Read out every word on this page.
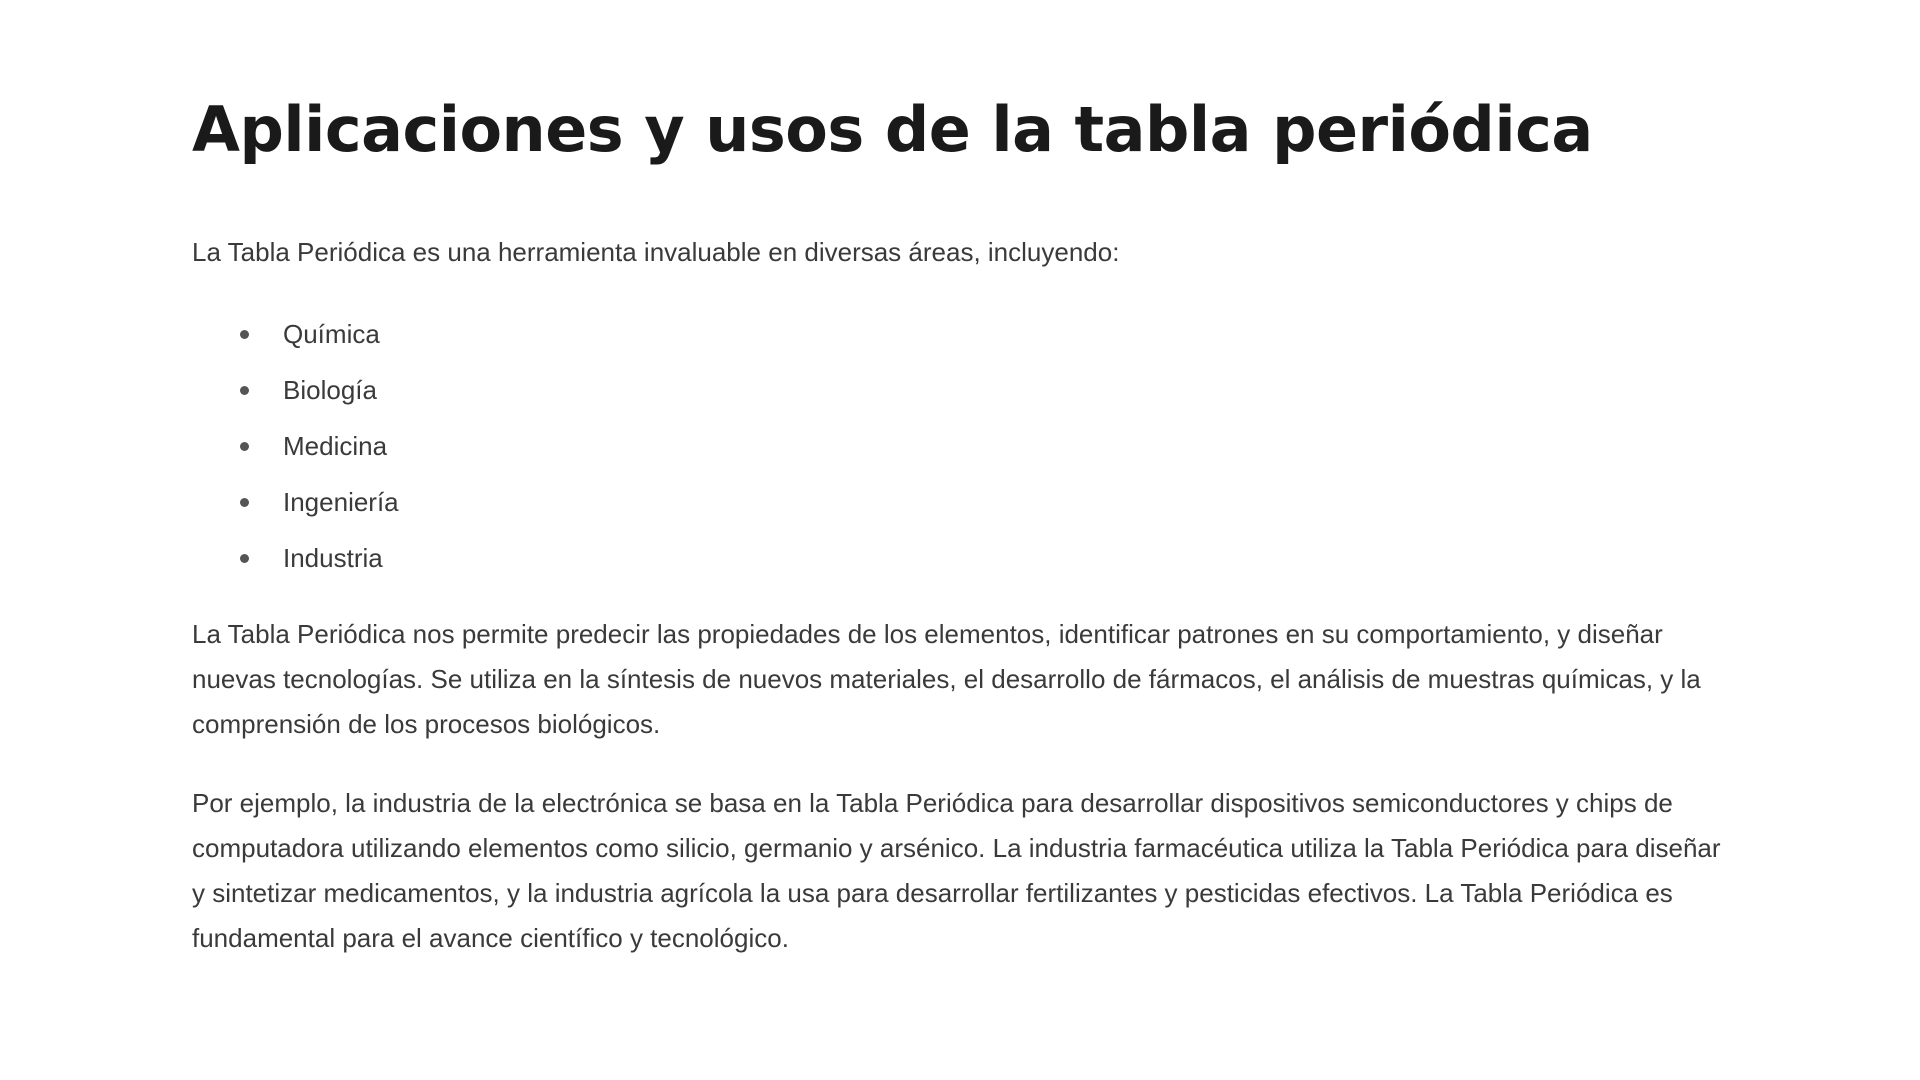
Aplicaciones y usos de la tabla periódica

La Tabla Periódica es una herramienta invaluable en diversas áreas, incluyendo:

Química
Biología
Medicina
Ingeniería
Industria

La Tabla Periódica nos permite predecir las propiedades de los elementos, identificar patrones en su comportamiento, y diseñar nuevas tecnologías. Se utiliza en la síntesis de nuevos materiales, el desarrollo de fármacos, el análisis de muestras químicas, y la comprensión de los procesos biológicos.

Por ejemplo, la industria de la electrónica se basa en la Tabla Periódica para desarrollar dispositivos semiconductores y chips de computadora utilizando elementos como silicio, germanio y arsénico. La industria farmacéutica utiliza la Tabla Periódica para diseñar y sintetizar medicamentos, y la industria agrícola la usa para desarrollar fertilizantes y pesticidas efectivos. La Tabla Periódica es fundamental para el avance científico y tecnológico.
